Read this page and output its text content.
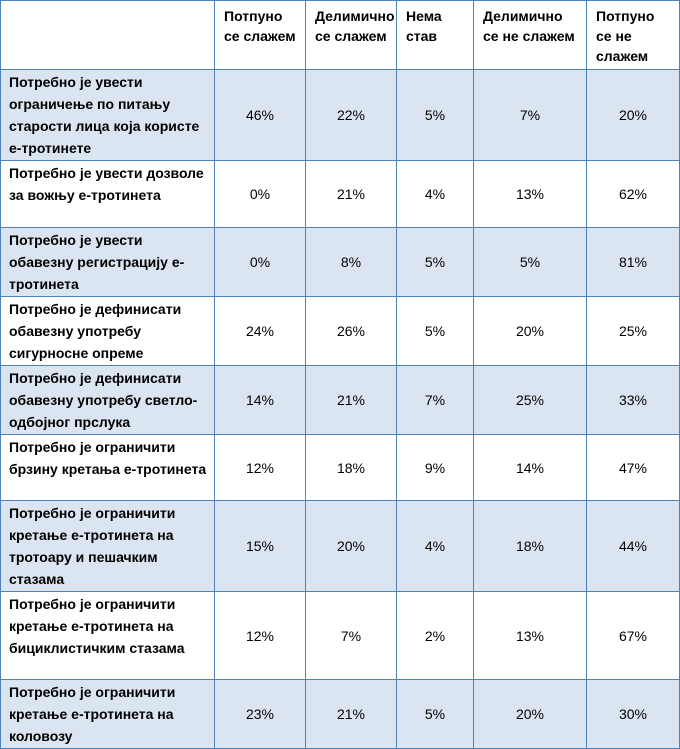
	Потпуно се слажем	Делимично се слажем	Нема став	Делимично се не слажем	Потпуно се не слажем
Потребно је увести ограничење по питању старости лица која користе е-тротинете	46%	22%	5%	7%	20%
Потребно је увести дозволе за вожњу е-тротинета	0%	21%	4%	13%	62%
Потребно је увести обавезну регистрацију е-тротинета	0%	8%	5%	5%	81%
Потребно је дефинисати обавезну употребу сигурносне опреме	24%	26%	5%	20%	25%
Потребно је дефинисати обавезну употребу светло-одбојног прслука	14%	21%	7%	25%	33%
Потребно је ограничити брзину кретања е-тротинета	12%	18%	9%	14%	47%
Потребно је ограничити кретање е-тротинета на тротоару и пешачким стазама	15%	20%	4%	18%	44%
Потребно је ограничити кретање е-тротинета на бициклистичким стазама	12%	7%	2%	13%	67%
Потребно је ограничити кретање е-тротинета на коловозу	23%	21%	5%	20%	30%
